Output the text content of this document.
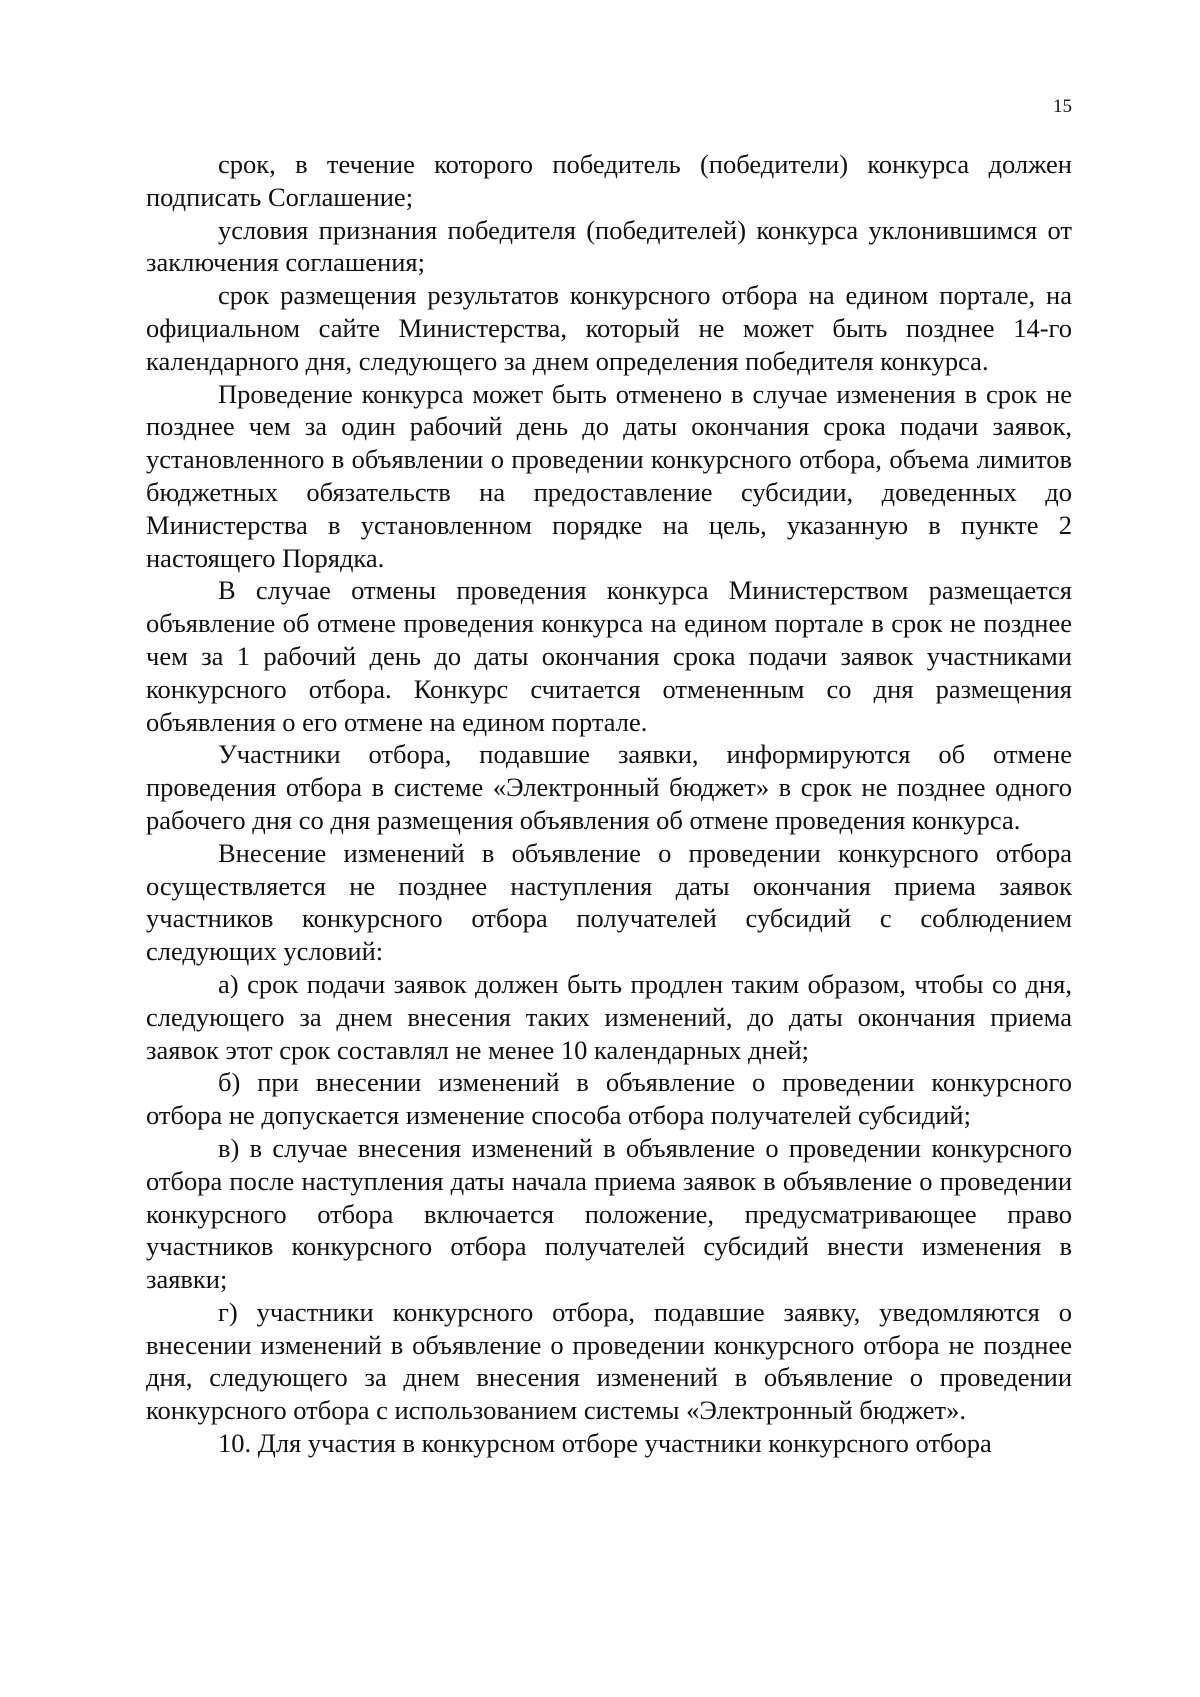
15

срок, в течение которого победитель (победители) конкурса должен подписать Соглашение;

условия признания победителя (победителей) конкурса уклонившимся от заключения соглашения;

срок размещения результатов конкурсного отбора на едином портале, на официальном сайте Министерства, который не может быть позднее 14-го календарного дня, следующего за днем определения победителя конкурса.

Проведение конкурса может быть отменено в случае изменения в срок не позднее чем за один рабочий день до даты окончания срока подачи заявок, установленного в объявлении о проведении конкурсного отбора, объема лимитов бюджетных обязательств на предоставление субсидии, доведенных до Министерства в установленном порядке на цель, указанную в пункте 2 настоящего Порядка.

В случае отмены проведения конкурса Министерством размещается объявление об отмене проведения конкурса на едином портале в срок не позднее чем за 1 рабочий день до даты окончания срока подачи заявок участниками конкурсного отбора. Конкурс считается отмененным со дня размещения объявления о его отмене на едином портале.

Участники отбора, подавшие заявки, информируются об отмене проведения отбора в системе «Электронный бюджет» в срок не позднее одного рабочего дня со дня размещения объявления об отмене проведения конкурса.

Внесение изменений в объявление о проведении конкурсного отбора осуществляется не позднее наступления даты окончания приема заявок участников конкурсного отбора получателей субсидий с соблюдением следующих условий:

а) срок подачи заявок должен быть продлен таким образом, чтобы со дня, следующего за днем внесения таких изменений, до даты окончания приема заявок этот срок составлял не менее 10 календарных дней;

б) при внесении изменений в объявление о проведении конкурсного отбора не допускается изменение способа отбора получателей субсидий;

в) в случае внесения изменений в объявление о проведении конкурсного отбора после наступления даты начала приема заявок в объявление о проведении конкурсного отбора включается положение, предусматривающее право участников конкурсного отбора получателей субсидий внести изменения в заявки;

г) участники конкурсного отбора, подавшие заявку, уведомляются о внесении изменений в объявление о проведении конкурсного отбора не позднее дня, следующего за днем внесения изменений в объявление о проведении конкурсного отбора с использованием системы «Электронный бюджет».

10. Для участия в конкурсном отборе участники конкурсного отбора
